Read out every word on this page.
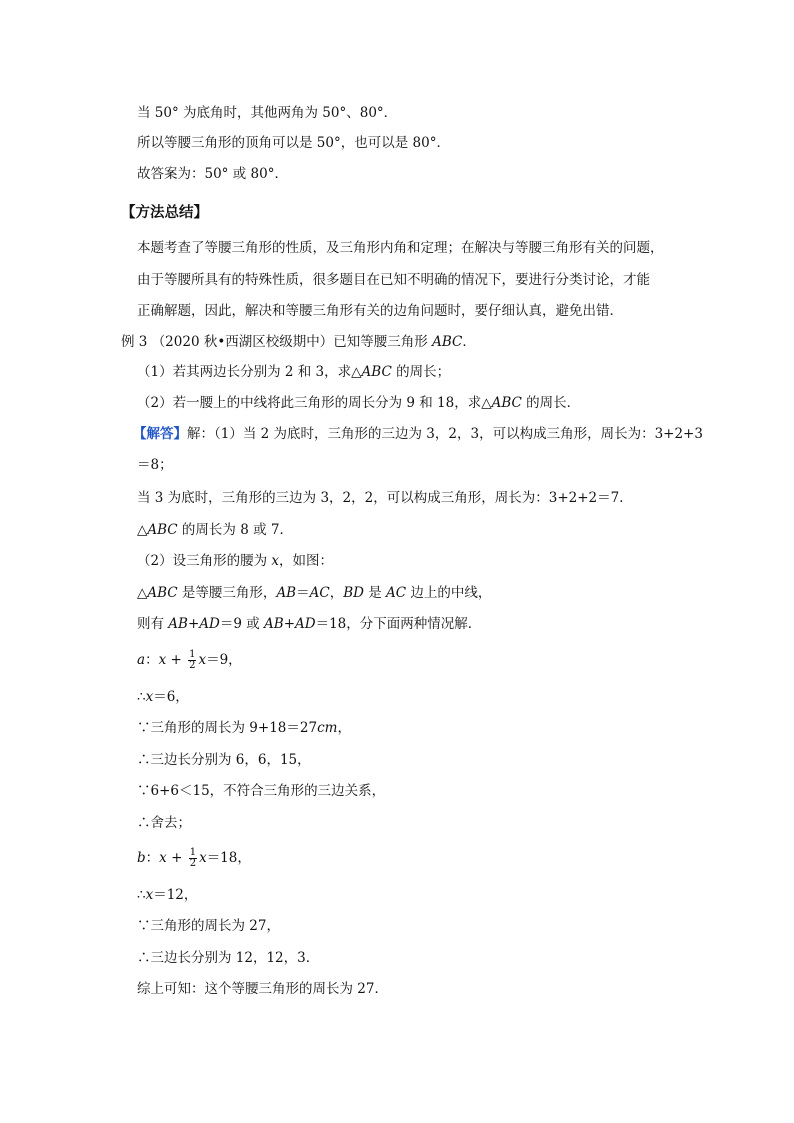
当 50° 为底角时，其他两角为 50°、80°．
所以等腰三角形的顶角可以是 50°，也可以是 80°．
故答案为：50° 或 80°．
【方法总结】
本题考查了等腰三角形的性质，及三角形内角和定理；在解决与等腰三角形有关的问题，
由于等腰所具有的特殊性质，很多题目在已知不明确的情况下，要进行分类讨论，才能
正确解题，因此，解决和等腰三角形有关的边角问题时，要仔细认真，避免出错．
例 3 （2020 秋•西湖区校级期中）已知等腰三角形 ABC．
（1）若其两边长分别为 2 和 3，求△ABC 的周长；
（2）若一腰上的中线将此三角形的周长分为 9 和 18，求△ABC 的周长．
【解答】解：（1）当 2 为底时，三角形的三边为 3，2，3，可以构成三角形，周长为：3+2+3
＝8；
当 3 为底时，三角形的三边为 3，2，2，可以构成三角形，周长为：3+2+2＝7．
△ABC 的周长为 8 或 7．
（2）设三角形的腰为 x，如图：
△ABC 是等腰三角形，AB＝AC，BD 是 AC 边上的中线，
则有 AB+AD＝9 或 AB+AD＝18，分下面两种情况解．
a：$x + \frac{1}{2} x=9$，
∴x＝6，
∵三角形的周长为 9+18＝27cm，
∴三边长分别为 6，6，15，
∵6+6＜15，不符合三角形的三边关系，
∴舍去；
b：$x + \frac{1}{2} x=18$，
∴x＝12，
∵三角形的周长为 27，
∴三边长分别为 12，12，3．
综上可知：这个等腰三角形的周长为 27．
